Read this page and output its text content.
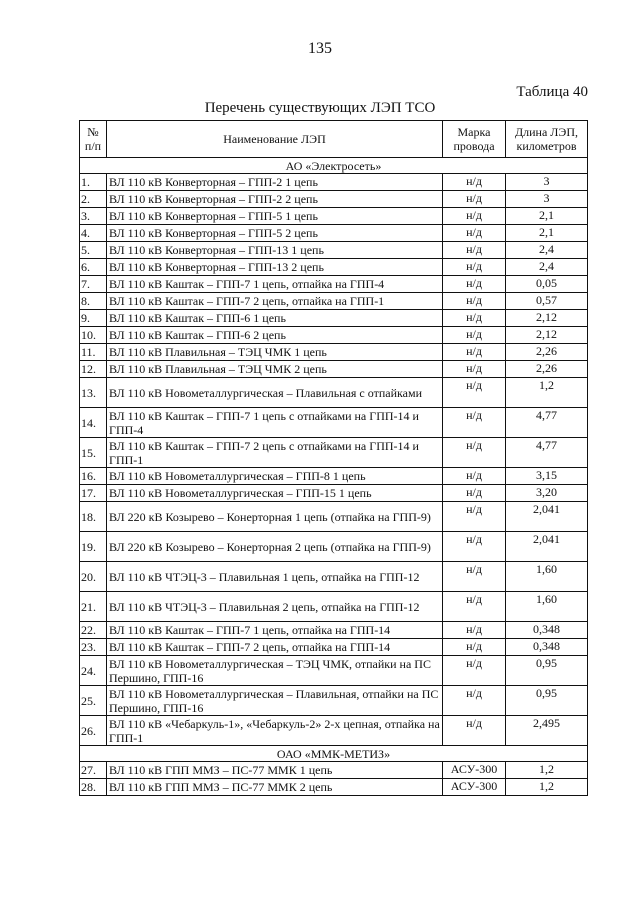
135
Таблица 40
Перечень существующих ЛЭП ТСО
№ п/п	Наименование ЛЭП	Марка провода	Длина ЛЭП, километров
АО «Электросеть»			
1.	ВЛ 110 кВ Конверторная – ГПП-2 1 цепь	н/д	3
2.	ВЛ 110 кВ Конверторная – ГПП-2 2 цепь	н/д	3
3.	ВЛ 110 кВ Конверторная – ГПП-5 1 цепь	н/д	2,1
4.	ВЛ 110 кВ Конверторная – ГПП-5 2 цепь	н/д	2,1
5.	ВЛ 110 кВ Конверторная – ГПП-13 1 цепь	н/д	2,4
6.	ВЛ 110 кВ Конверторная – ГПП-13 2 цепь	н/д	2,4
7.	ВЛ 110 кВ Каштак – ГПП-7 1 цепь, отпайка на ГПП-4	н/д	0,05
8.	ВЛ 110 кВ Каштак – ГПП-7 2 цепь, отпайка на ГПП-1	н/д	0,57
9.	ВЛ 110 кВ Каштак – ГПП-6 1 цепь	н/д	2,12
10.	ВЛ 110 кВ Каштак – ГПП-6 2 цепь	н/д	2,12
11.	ВЛ 110 кВ Плавильная – ТЭЦ ЧМК 1 цепь	н/д	2,26
12.	ВЛ 110 кВ Плавильная – ТЭЦ ЧМК 2 цепь	н/д	2,26
13.	ВЛ 110 кВ Новометаллургическая – Плавильная с отпайками	н/д	1,2
14.	ВЛ 110 кВ Каштак – ГПП-7 1 цепь с отпайками на ГПП-14 и ГПП-4	н/д	4,77
15.	ВЛ 110 кВ Каштак – ГПП-7 2 цепь с отпайками на ГПП-14 и ГПП-1	н/д	4,77
16.	ВЛ 110 кВ Новометаллургическая – ГПП-8 1 цепь	н/д	3,15
17.	ВЛ 110 кВ Новометаллургическая – ГПП-15 1 цепь	н/д	3,20
18.	ВЛ 220 кВ Козырево – Конерторная 1 цепь (отпайка на ГПП-9)	н/д	2,041
19.	ВЛ 220 кВ Козырево – Конерторная 2 цепь (отпайка на ГПП-9)	н/д	2,041
20.	ВЛ 110 кВ ЧТЭЦ-3 – Плавильная 1 цепь, отпайка на ГПП-12	н/д	1,60
21.	ВЛ 110 кВ ЧТЭЦ-3 – Плавильная 2 цепь, отпайка на ГПП-12	н/д	1,60
22.	ВЛ 110 кВ Каштак – ГПП-7 1 цепь, отпайка на ГПП-14	н/д	0,348
23.	ВЛ 110 кВ Каштак – ГПП-7 2 цепь, отпайка на ГПП-14	н/д	0,348
24.	ВЛ 110 кВ Новометаллургическая – ТЭЦ ЧМК, отпайки на ПС Першино, ГПП-16	н/д	0,95
25.	ВЛ 110 кВ Новометаллургическая – Плавильная, отпайки на ПС Першино, ГПП-16	н/д	0,95
26.	ВЛ 110 кВ «Чебаркуль-1», «Чебаркуль-2» 2-х цепная, отпайка на ГПП-1	н/д	2,495
ОАО «ММК-МЕТИЗ»			
27.	ВЛ 110 кВ ГПП ММЗ – ПС-77 ММК 1 цепь	АСУ-300	1,2
28.	ВЛ 110 кВ ГПП ММЗ – ПС-77 ММК 2 цепь	АСУ-300	1,2
